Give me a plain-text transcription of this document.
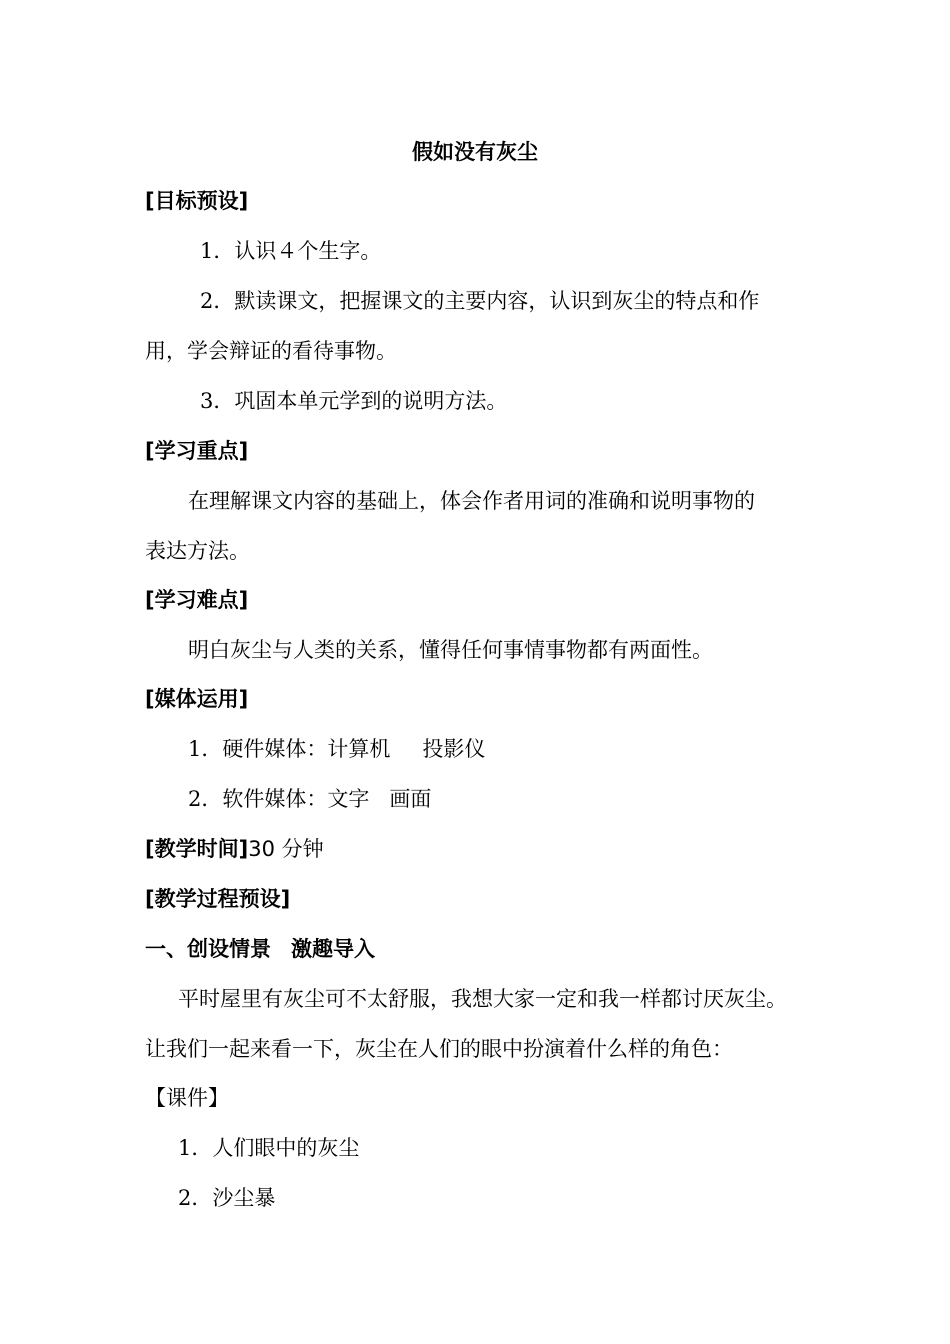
假如没有灰尘
[目标预设]
1．认识４个生字。
2．默读课文，把握课文的主要内容，认识到灰尘的特点和作
用，学会辩证的看待事物。
3．巩固本单元学到的说明方法。
[学习重点]
在理解课文内容的基础上，体会作者用词的准确和说明事物的
表达方法。
[学习难点]
明白灰尘与人类的关系，懂得任何事情事物都有两面性。
[媒体运用]
1．硬件媒体：计算机 投影仪
2．软件媒体：文字 画面
[教学时间]30 分钟
[教学过程预设]
一、创设情景 激趣导入
平时屋里有灰尘可不太舒服，我想大家一定和我一样都讨厌灰尘。
让我们一起来看一下，灰尘在人们的眼中扮演着什么样的角色：
【课件】
1．人们眼中的灰尘
2．沙尘暴
